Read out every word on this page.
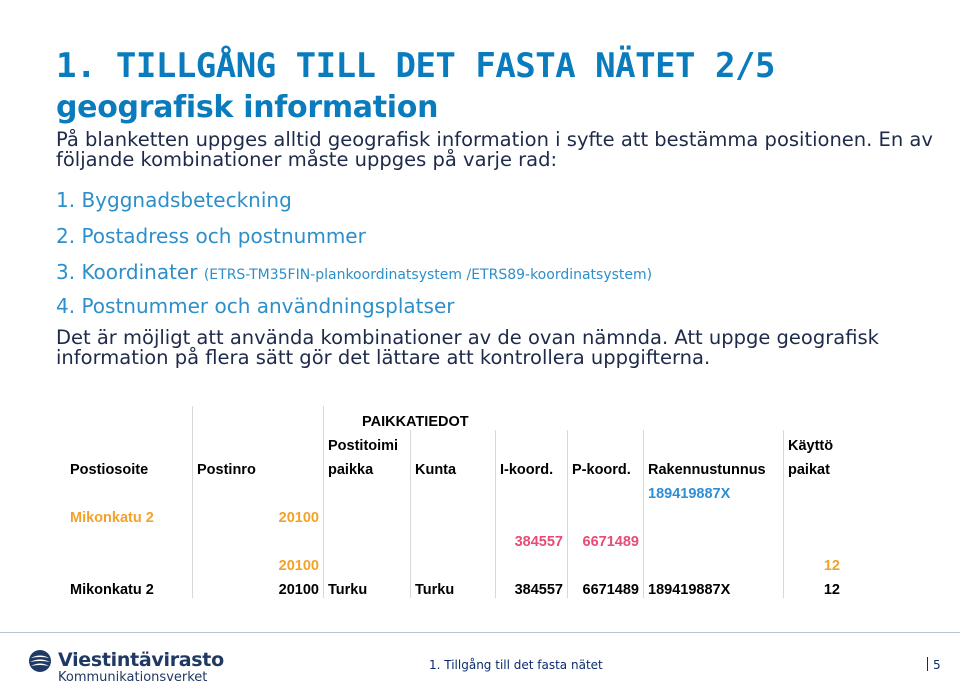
1. TILLGÅNG TILL DET FASTA NÄTET 2/5
geografisk information

På blanketten uppges alltid geografisk information i syfte att bestämma positionen. En av följande kombinationer måste uppges på varje rad:

1. Byggnadsbeteckning
2. Postadress och postnummer
3. Koordinater (ETRS-TM35FIN-plankoordinatsystem /ETRS89-koordinatsystem)
4. Postnummer och användningsplatser

Det är möjligt att använda kombinationer av de ovan nämnda. Att uppge geografisk information på flera sätt gör det lättare att kontrollera uppgifterna.

		PAIKKATIEDOT					
		Postitoimi					Käyttö
Postiosoite	Postinro	paikka	Kunta	I-koord.	P-koord.	Rakennustunnus	paikat
						189419887X	
Mikonkatu 2	20100						
				384557	6671489		
	20100						12
Mikonkatu 2	20100	Turku	Turku	384557	6671489	189419887X	12
Viestintävirasto
Kommunikationsverket
1. Tillgång till det fasta nätet	5
